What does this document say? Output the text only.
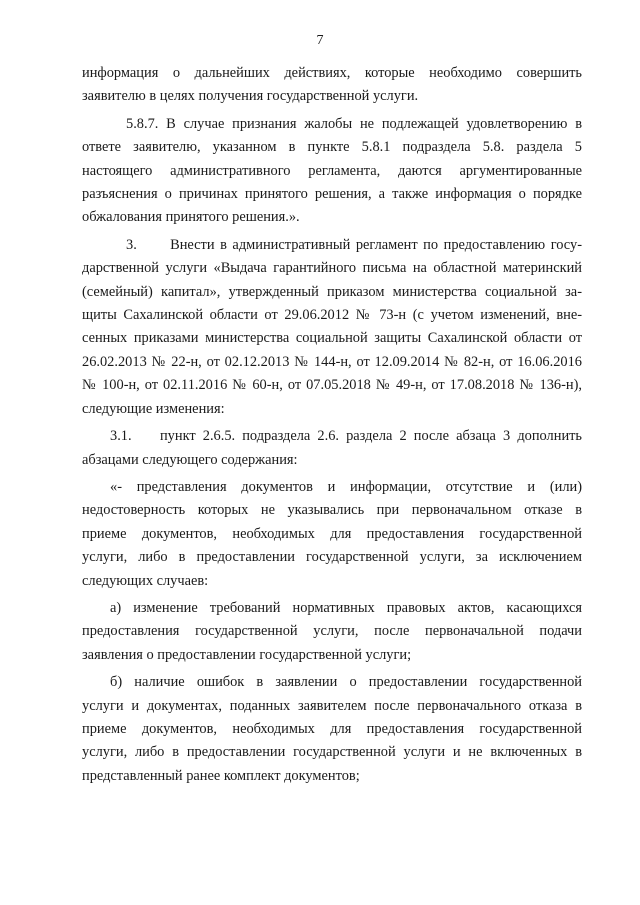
7
информация о дальнейших действиях, которые необходимо совершить
заявителю в целях получения государственной услуги.
5.8.7. В случае признания жалобы не подлежащей удовлетворению в
ответе заявителю, указанном в пункте 5.8.1 подраздела 5.8. раздела 5
настоящего административного регламента, даются аргументированные
разъяснения о причинах принятого решения, а также информация о порядке
обжалования принятого решения.».
3.      Внести в административный регламент по предоставлению госу-
дарственной услуги «Выдача гарантийного письма на областной материнский
(семейный) капитал», утвержденный приказом министерства социальной за-
щиты Сахалинской области от 29.06.2012 № 73-н (с учетом изменений, вне-
сенных приказами министерства социальной защиты Сахалинской области от
26.02.2013 № 22-н, от 02.12.2013 № 144-н, от 12.09.2014 № 82-н, от 16.06.2016
№ 100-н, от 02.11.2016 № 60-н, от 07.05.2018 № 49-н, от 17.08.2018 № 136-н),
следующие изменения:
3.1.    пункт 2.6.5. подраздела 2.6. раздела 2 после абзаца 3 дополнить
абзацами следующего содержания:
«- представления документов и информации, отсутствие и (или)
недостоверность которых не указывались при первоначальном отказе в
приеме документов, необходимых для предоставления государственной
услуги, либо в предоставлении государственной услуги, за исключением
следующих случаев:
а) изменение требований нормативных правовых актов, касающихся
предоставления государственной услуги, после первоначальной подачи
заявления о предоставлении государственной услуги;
б) наличие ошибок в заявлении о предоставлении государственной
услуги и документах, поданных заявителем после первоначального отказа в
приеме документов, необходимых для предоставления государственной
услуги, либо в предоставлении государственной услуги и не включенных в
представленный ранее комплект документов;
